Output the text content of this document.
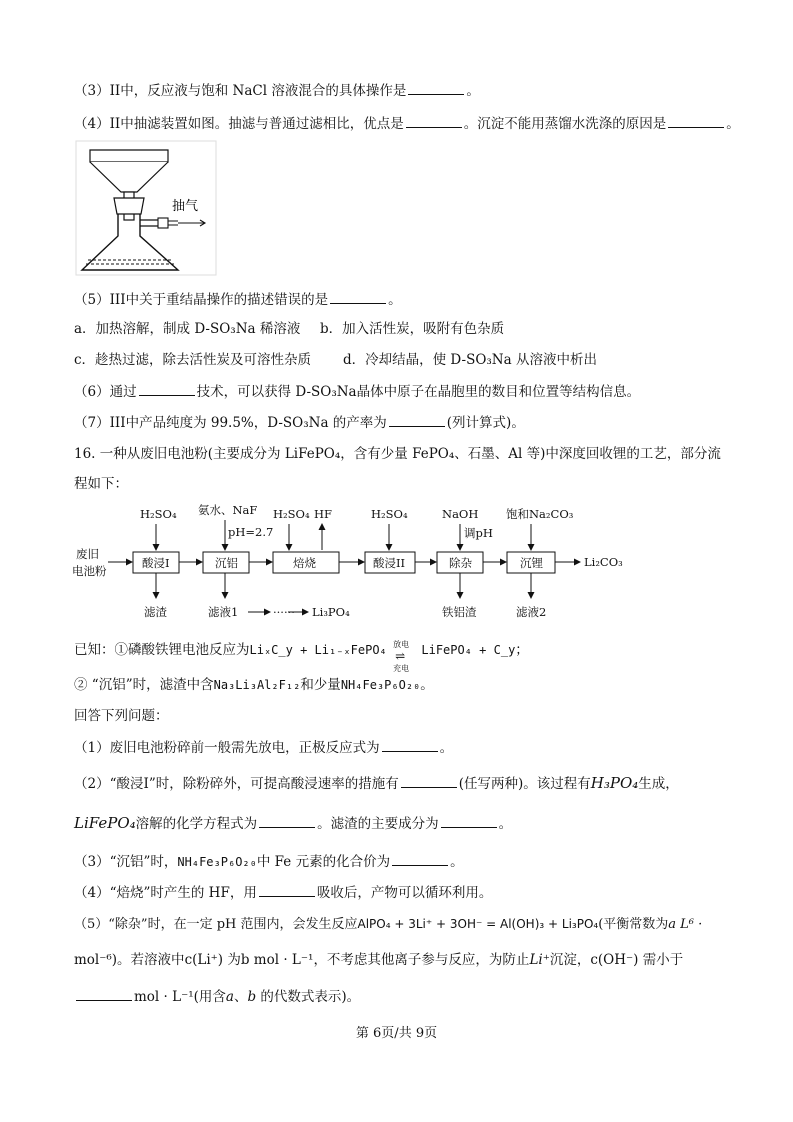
（3）II中，反应液与饱和 NaCl 溶液混合的具体操作是	。
（4）II中抽滤装置如图。抽滤与普通过滤相比，优点是	。沉淀不能用蒸馏水洗涤的原因是	。
抽气
（5）III中关于重结晶操作的描述错误的是	。
a．加热溶解，制成 D-SO₃Na 稀溶液 b．加入活性炭，吸附有色杂质
c．趁热过滤，除去活性炭及可溶性杂质 d．冷却结晶，使 D-SO₃Na 从溶液中析出
（6）通过	技术，可以获得 D-SO₃Na晶体中原子在晶胞里的数目和位置等结构信息。
（7）III中产品纯度为 99.5%，D-SO₃Na 的产率为	(列计算式)。
16. 一种从废旧电池粉(主要成分为 LiFePO₄，含有少量 FePO₄、石墨、Al 等)中深度回收锂的工艺，部分流
程如下：
废旧
电池粉
酸浸I	沉铝	焙烧	酸浸II	除杂	沉锂	Li₂CO₃
H₂SO₄ 氨水、NaF
pH=2.7
H₂SO₄ HF	H₂SO₄	NaOH
调pH
饱和Na₂CO₃
滤渣	滤液1	······ Li₃PO₄	铁铝渣	滤液2
已知：①磷酸铁锂电池反应为LiₓC_y + Li₁₋ₓFePO₄ 放电
⇌
充电
LiFePO₄ + C_y；
② “沉铝”时，滤渣中含Na₃Li₃Al₂F₁₂和少量NH₄Fe₃P₆O₂₀。
回答下列问题：
（1）废旧电池粉碎前一般需先放电，正极反应式为	。
（2）“酸浸I”时，除粉碎外，可提高酸浸速率的措施有	(任写两种)。该过程有H₃PO₄生成，
LiFePO₄溶解的化学方程式为	。滤渣的主要成分为	。
（3）“沉铝”时，NH₄Fe₃P₆O₂₀中 Fe 元素的化合价为	。
（4）“焙烧”时产生的 HF，用	吸收后，产物可以循环利用。
（5）“除杂”时，在一定 pH 范围内，会发生反应AlPO₄ + 3Li⁺ + 3OH⁻ = Al(OH)₃ + Li₃PO₄(平衡常数为a L⁶ ·
mol⁻⁶)。若溶液中c(Li⁺) 为b mol · L⁻¹，不考虑其他离子参与反应，为防止Li⁺沉淀，c(OH⁻) 需小于
mol · L⁻¹(用含a、b 的代数式表示)。
第 6页/共 9页
